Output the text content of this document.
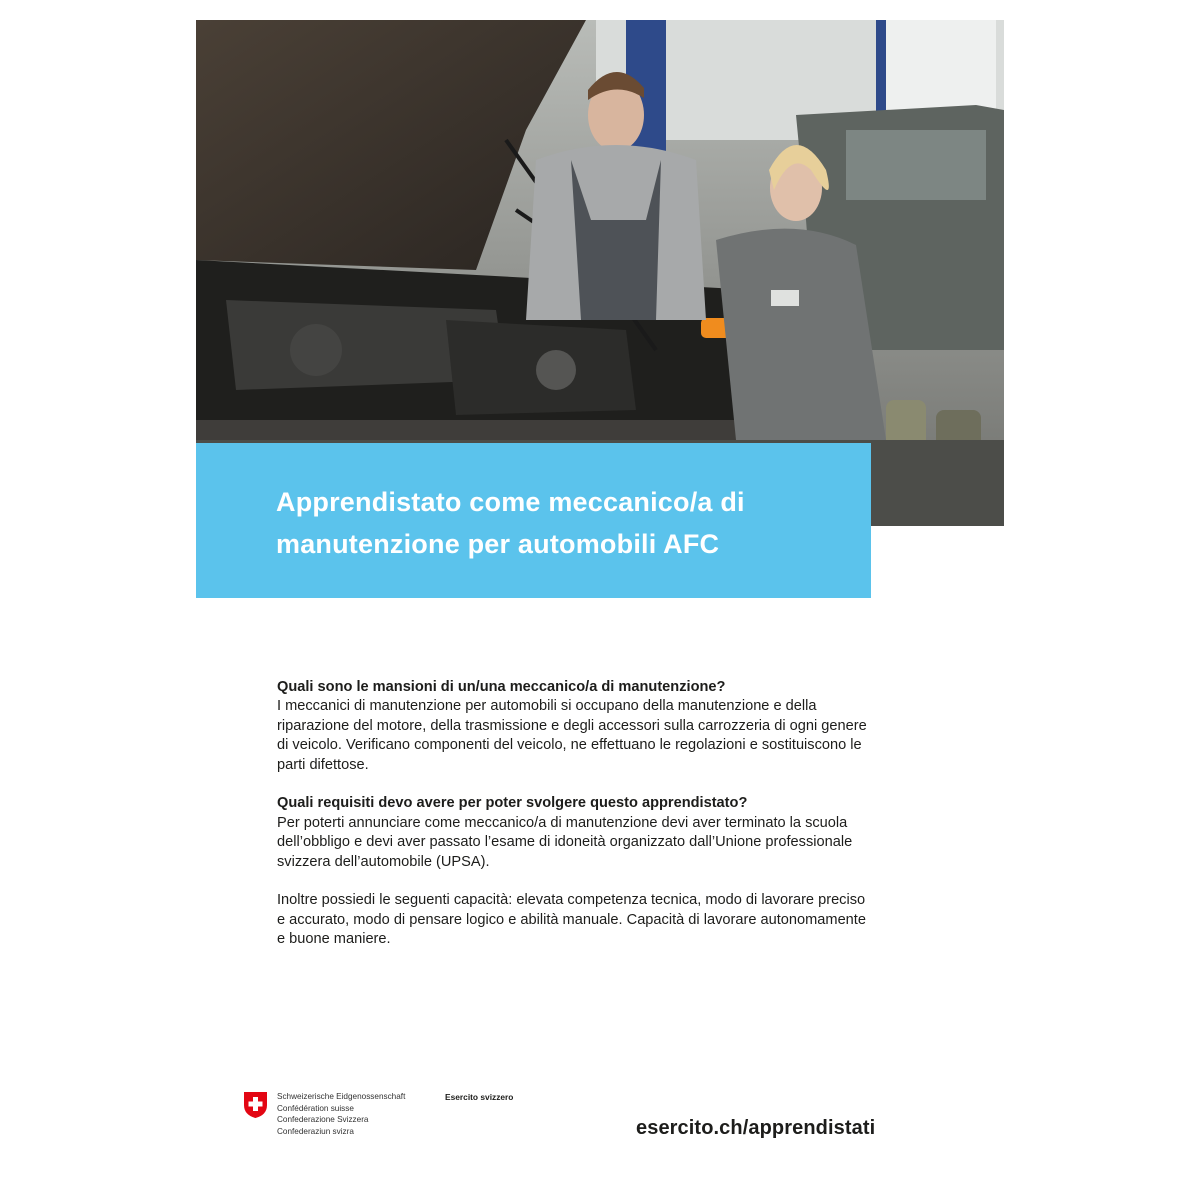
Apprendistato come meccanico/a di manutenzione per automobili AFC
Quali sono le mansioni di un/una meccanico/a di manutenzione?

I meccanici di manutenzione per automobili si occupano della manutenzione e della riparazione del motore, della trasmissione e degli accessori sulla carrozzeria di ogni genere di veicolo. Verificano componenti del veicolo, ne effettuano le regolazioni e sostituiscono le parti difettose.

Quali requisiti devo avere per poter svolgere questo apprendistato?

Per poterti annunciare come meccanico/a di manutenzione devi aver terminato la scuola dell’obbligo e devi aver passato l’esame di idoneità organizzato dall’Unione professionale svizzera dell’automobile (UPSA).

Inoltre possiedi le seguenti capacità: elevata competenza tecnica, modo di lavorare preciso e accurato, modo di pensare logico e abilità manuale. Capacità di lavorare autonomamente e buone maniere.

Schweizerische Eidgenossenschaft
Confédération suisse
Confederazione Svizzera
Confederaziun svizra
Esercito svizzero
esercito.ch/apprendistati
